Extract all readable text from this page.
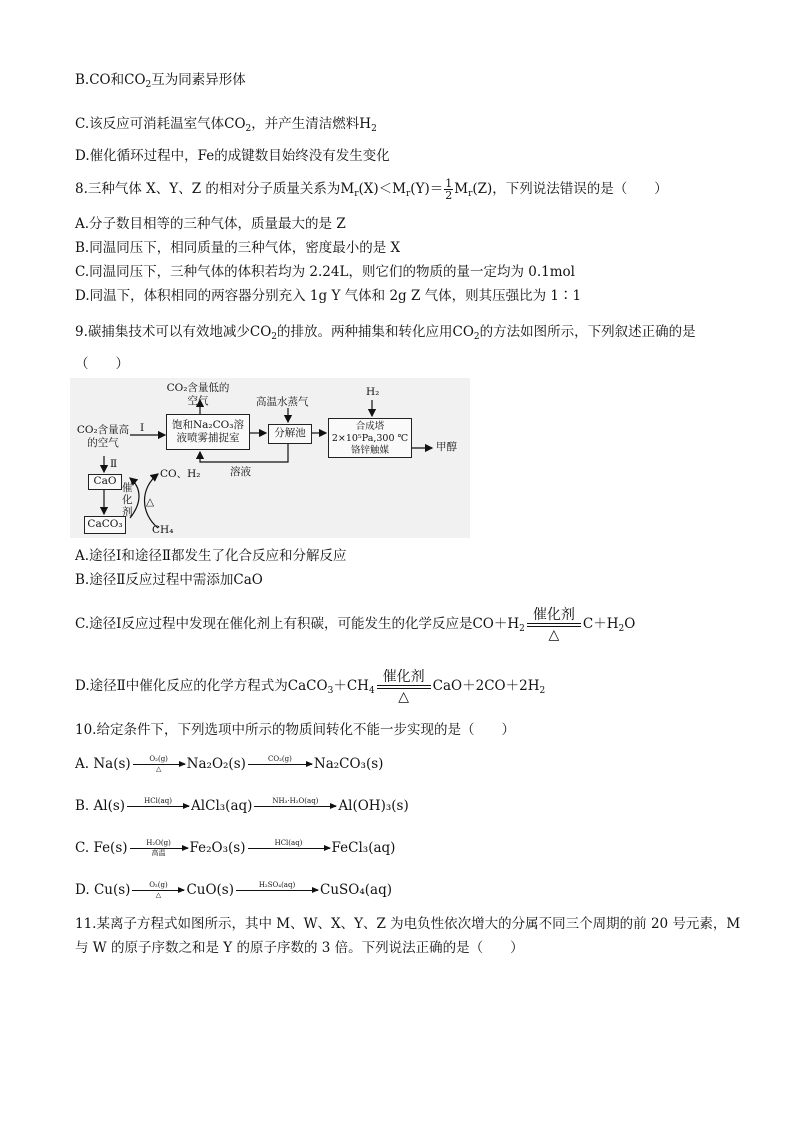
B.CO和$CO_2$互为同素异形体
C.该反应可消耗温室气体$CO_2$，并产生清洁燃料$H_2$
D.催化循环过程中，Fe的成键数目始终没有发生变化
8.三种气体 X、Y、Z 的相对分子质量关系为$M_r(X)<M_r(Y)= \frac{1}{2} M_r(Z)$，下列说法错误的是（　　）
A.分子数目相等的三种气体，质量最大的是 Z
B.同温同压下，相同质量的三种气体，密度最小的是 X
C.同温同压下，三种气体的体积若均为 2.24L，则它们的物质的量一定均为 0.1mol
D.同温下，体积相同的两容器分别充入 1g Y 气体和 2g Z 气体，则其压强比为 1∶1
9.碳捕集技术可以有效地减少$CO_2$的排放。两种捕集和转化应用$CO_2$的方法如图所示，下列叙述正确的是
（　　）
CO₂含量低的空气	高温水蒸气
H₂
CO₂含量高的空气
Ⅰ
Ⅱ
饱和Na₂CO₃溶液喷雾捕捉室	分解池
合成塔 2×10⁵Pa,300 ℃ 铬锌触媒	甲醇
溶液
CaO
CaCO₃
CO、H₂
催化剂
△
CH₄
A.途径Ⅰ和途径Ⅱ都发生了化合反应和分解反应
B.途径Ⅱ反应过程中需添加CaO
C.途径Ⅰ反应过程中发现在催化剂上有积碳，可能发生的化学反应是$CO+H_2$
催化剂
△
$C+H_2O$
D.途径Ⅱ中催化反应的化学方程式为$CaCO_3+CH_4$
催化剂
△
$CaO+2CO+2H_2$
10.给定条件下，下列选项中所示的物质间转化不能一步实现的是（　　）
A. Na(s)	O₂(g)
△	Na₂O₂(s)	CO₂(g)	Na₂CO₃(s)
B. Al(s)	HCl(aq)	AlCl₃(aq)	NH₃·H₂O(aq)	Al(OH)₃(s)
C. Fe(s)	H₂O(g)
高温	Fe₂O₃(s)	HCl(aq)	FeCl₃(aq)
D. Cu(s)	O₂(g)
△	CuO(s)	H₂SO₄(aq)	CuSO₄(aq)
11.某离子方程式如图所示，其中 M、W、X、Y、Z 为电负性依次增大的分属不同三个周期的前 20 号元素，M
与 W 的原子序数之和是 Y 的原子序数的 3 倍。下列说法正确的是（　　）
